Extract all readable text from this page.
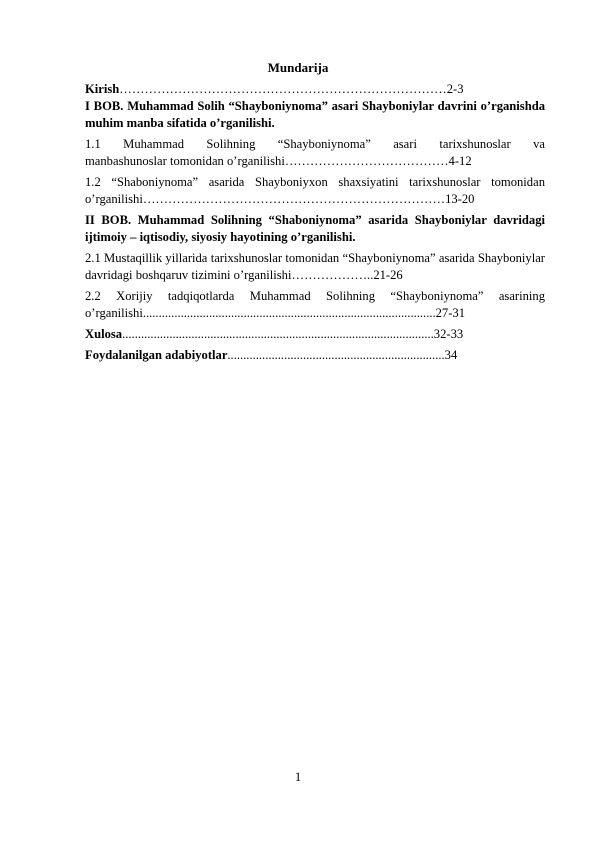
Mundarija

Kirish……………………………………………………………………2-3

I BOB. Muhammad Solih “Shayboniynoma” asari Shayboniylar davrini o’rganishda muhim manba sifatida o’rganilishi.

1.1    Muhammad    Solihning    “Shayboniynoma”    asari    tarixshunoslar    va
manbashunoslar tomonidan o’rganilishi…………………………………4-12

1.2 “Shaboniynoma” asarida Shayboniyxon shaxsiyatini tarixshunoslar tomonidan o’rganilishi………………………………………………………………13-20

II BOB. Muhammad Solihning “Shaboniynoma” asarida Shayboniylar davridagi ijtimoiy – iqtisodiy, siyosiy hayotining o’rganilishi.

2.1 Mustaqillik yillarida tarixshunoslar tomonidan “Shayboniynoma” asarida Shayboniylar davridagi boshqaruv tizimini o’rganilishi………………..21-26

2.2 Xorijiy tadqiqotlarda Muhammad Solihning “Shayboniynoma” asarining o’rganilishi.............................................................................................27-31

Xulosa...................................................................................................32-33

Foydalanilgan adabiyotlar.....................................................................34

1
